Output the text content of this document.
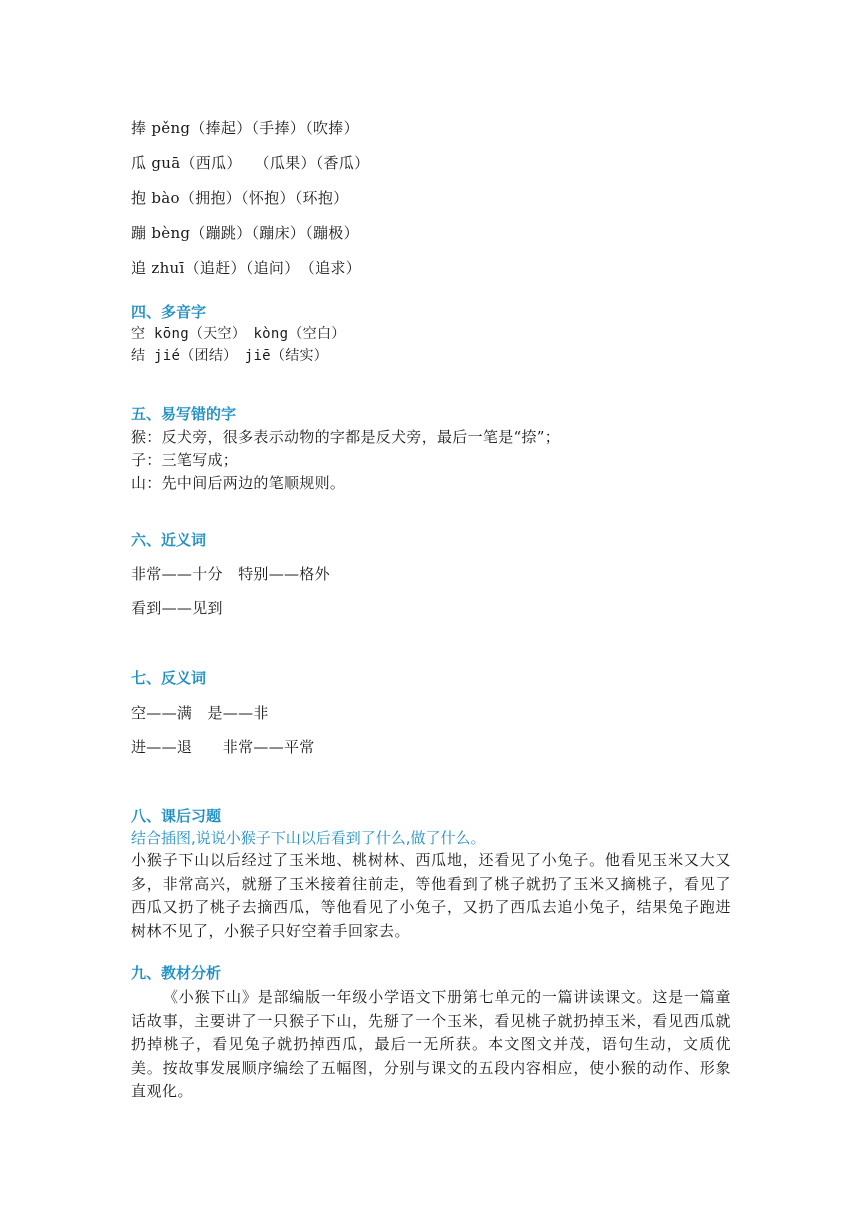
捧 pěng（捧起）（手捧）（吹捧）
瓜 guā（西瓜）　 （瓜果）（香瓜）
抱 bào（拥抱）（怀抱）（环抱）
蹦 bèng（蹦跳）（蹦床）（蹦极）
追 zhuī（追赶）（追问）　（追求）
四、多音字
空 kōng（天空）　kòng（空白）
结 jié（团结）　jiē（结实）
五、易写错的字
猴：反犬旁，很多表示动物的字都是反犬旁，最后一笔是“捺”；
子：三笔写成；
山：先中间后两边的笔顺规则。
六、近义词
非常——十分　特别——格外
看到——见到
七、反义词
空——满　是——非
进——退　　非常——平常
八、课后习题
结合插图,说说小猴子下山以后看到了什么,做了什么。
小猴子下山以后经过了玉米地、桃树林、西瓜地，还看见了小兔子。他看见玉米又大又多，非常高兴，就掰了玉米接着往前走，等他看到了桃子就扔了玉米又摘桃子，看见了西瓜又扔了桃子去摘西瓜，等他看见了小兔子，又扔了西瓜去追小兔子，结果兔子跑进树林不见了，小猴子只好空着手回家去。
九、教材分析
《小猴下山》是部编版一年级小学语文下册第七单元的一篇讲读课文。这是一篇童话故事，主要讲了一只猴子下山，先掰了一个玉米，看见桃子就扔掉玉米，看见西瓜就扔掉桃子，看见兔子就扔掉西瓜，最后一无所获。本文图文并茂，语句生动，文质优美。按故事发展顺序编绘了五幅图，分别与课文的五段内容相应，使小猴的动作、形象直观化。
